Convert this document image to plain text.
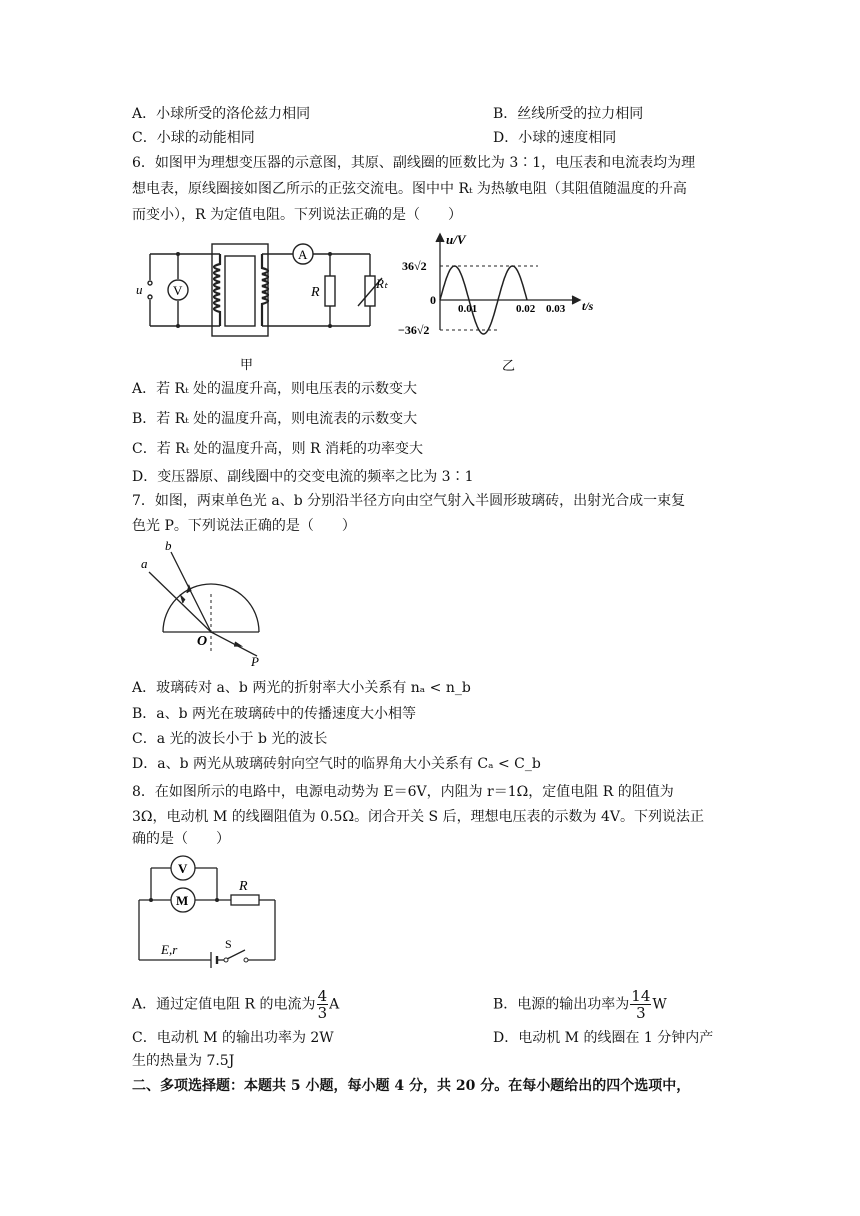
A．小球所受的洛伦兹力相同	B．丝线所受的拉力相同
C．小球的动能相同	D．小球的速度相同
6．如图甲为理想变压器的示意图，其原、副线圈的匝数比为 3∶1，电压表和电流表均为理
想电表，原线圈接如图乙所示的正弦交流电。图中中 Rₜ 为热敏电阻（其阻值随温度的升高
而变小），R 为定值电阻。下列说法正确的是（　　）
u V
A
R
Rₜ
甲
u/V
t/s
36√2
−36√2
0
0.01	0.02 0.03
乙
A．若 Rₜ 处的温度升高，则电压表的示数变大
B．若 Rₜ 处的温度升高，则电流表的示数变大
C．若 Rₜ 处的温度升高，则 R 消耗的功率变大
D．变压器原、副线圈中的交变电流的频率之比为 3∶1
7．如图，两束单色光 a、b 分别沿半径方向由空气射入半圆形玻璃砖，出射光合成一束复
色光 P。下列说法正确的是（　　）
a
b
O
P
A．玻璃砖对 a、b 两光的折射率大小关系有 nₐ < n_b
B．a、b 两光在玻璃砖中的传播速度大小相等
C．a 光的波长小于 b 光的波长
D．a、b 两光从玻璃砖射向空气时的临界角大小关系有 Cₐ < C_b
8．在如图所示的电路中，电源电动势为 E＝6V，内阻为 r＝1Ω，定值电阻 R 的阻值为
3Ω，电动机 M 的线圈阻值为 0.5Ω。闭合开关 S 后，理想电压表的示数为 4V。下列说法正
确的是（　　）
V
M
R
E,r	S
A．通过定值电阻 R 的电流为 $\frac{4}{3}$ A	B．电源的输出功率为 $\frac{14}{3}$ W
C．电动机 M 的输出功率为 2W	D．电动机 M 的线圈在 1 分钟内产
生的热量为 7.5J
二、多项选择题：本题共 5 小题，每小题 4 分，共 20 分。在每小题给出的四个选项中，
